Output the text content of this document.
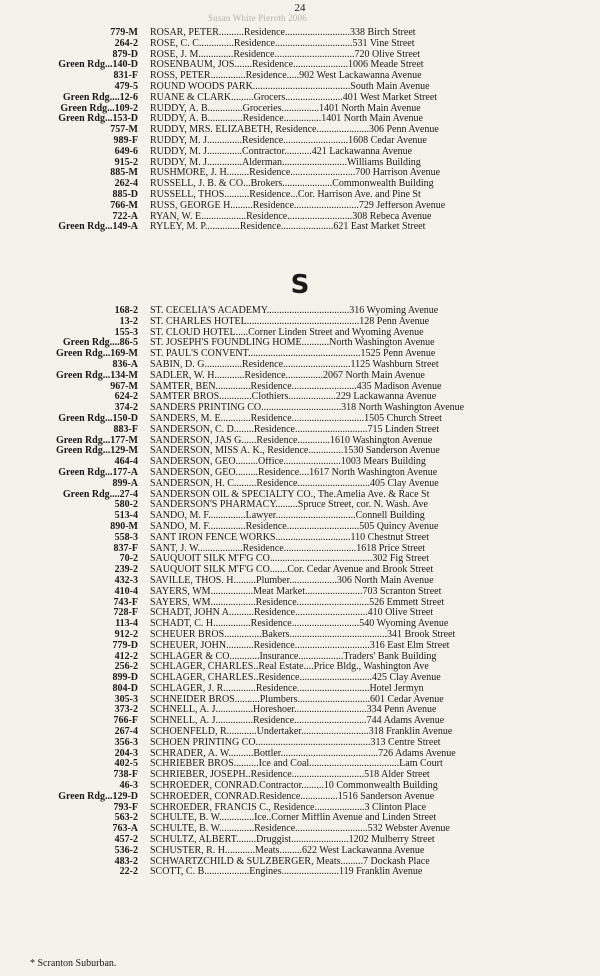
24
Susan White Pieroth 2006
779-M ROSAR, PETER..........Residence..........................338 Birch Street
264-2 ROSE, C. C..............Residence...............................531 Vine Street
879-D ROSE, J. M..............Residence................................720 Olive Street
Green Rdg...140-D ROSENBAUM, JOS.......Residence......................1006 Meade Street
831-F ROSS, PETER..............Residence.....902 West Lackawanna Avenue
479-5 ROUND WOODS PARK.......................................South Main Avenue
Green Rdg....12-6 RUANE & CLARK.........Grocers.......................401 West Market Street
Green Rdg...109-2 RUDDY, A. B..............Groceries...............1401 North Main Avenue
Green Rdg...153-D RUDDY, A. B..............Residence...............1401 North Main Avenue
757-M RUDDY, MRS. ELIZABETH, Residence.....................306 Penn Avenue
989-F RUDDY, M. J..............Residence..........................1608 Cedar Avenue
649-6 RUDDY, M. J..............Contractor...........421 Lackawanna Avenue
915-2 RUDDY, M. J..............Alderman..........................Williams Building
885-M RUSHMORE, J. H.........Residence..........................700 Harrison Avenue
262-4 RUSSELL, J. B. & CO...Brokers....................Commonwealth Building
885-D RUSSELL, THOS..........Residence...Cor. Harrison Ave. and Pine St
766-M RUSS, GEORGE H.........Residence..........................729 Jefferson Avenue
722-A RYAN, W. E..................Residence..........................308 Rebeca Avenue
Green Rdg...149-A RYLEY, M. P..............Residence.....................621 East Market Street
S
168-2 ST. CECELIA'S ACADEMY.................................316 Wyoming Avenue
13-2 ST. CHARLES HOTEL.............................................128 Penn Avenue
155-3 ST. CLOUD HOTEL.....Corner Linden Street and Wyoming Avenue
Green Rdg....86-5 ST. JOSEPH'S FOUNDLING HOME...........North Washington Avenue
Green Rdg...169-M ST. PAUL'S CONVENT.............................................1525 Penn Avenue
836-A SABIN, D. G...............Residence...........................1125 Washburn Street
Green Rdg...134-M SADLER, W. H............Residence...............2067 North Main Avenue
967-M SAMTER, BEN..............Residence..........................435 Madison Avenue
624-2 SAMTER BROS.............Clothiers...................229 Lackawanna Avenue
374-2 SANDERS PRINTING CO................................318 North Washington Avenue
Green Rdg...150-D SANDERS, M. E............Residence.............................1505 Church Street
883-F SANDERSON, C. D........Residence.............................715 Linden Street
Green Rdg...177-M SANDERSON, JAS G......Residence.............1610 Washington Avenue
Green Rdg...129-M SANDERSON, MISS A. K., Residence..............1530 Sanderson Avenue
464-4 SANDERSON, GEO.........Office.......................1003 Mears Building
Green Rdg...177-A SANDERSON, GEO.........Residence....1617 North Washington Avenue
899-A SANDERSON, H. C.........Residence.............................405 Clay Avenue
Green Rdg....27-4 SANDERSON OIL & SPECIALTY CO., The.Amelia Ave. & Race St
580-2 SANDERSON'S PHARMACY.........Spruce Street, cor. N. Wash. Ave
513-4 SANDO, M. F...............Lawyer................................Connell Building
890-M SANDO, M. F...............Residence.............................505 Quincy Avenue
558-3 SANT IRON FENCE WORKS..............................110 Chestnut Street
837-F SANT, J. W..................Residence.............................1618 Price Street
70-2 SAUQUOIT SILK M'F'G CO.........................................302 Fig Street
239-2 SAUQUOIT SILK M'F'G CO.......Cor. Cedar Avenue and Brook Street
432-3 SAVILLE, THOS. H.........Plumber...................306 North Main Avenue
410-4 SAYERS, WM.................Meat Market.......................703 Scranton Street
743-F SAYERS, WM..................Residence.............................526 Emmett Street
728-F SCHADT, JOHN A..........Residence.............................410 Olive Street
113-4 SCHADT, C. H...............Residence...........................540 Wyoming Avenue
912-2 SCHEUER BROS...............Bakers.......................................341 Brook Street
779-D SCHEUER, JOHN...........Residence..............................316 East Elm Street
412-2 SCHLAGER & CO............Insurance..................Traders' Bank Building
256-2 SCHLAGER, CHARLES..Real Estate....Price Bldg., Washington Ave
899-D SCHLAGER, CHARLES..Residence.............................425 Clay Avenue
804-D SCHLAGER, J. R.............Residence.............................Hotel Jermyn
305-3 SCHNEIDER BROS..........Plumbers.............................601 Cedar Avenue
373-2 SCHNELL, A. J...............Horeshoer.............................334 Penn Avenue
766-F SCHNELL, A. J...............Residence.............................744 Adams Avenue
267-4 SCHOENFELD, R............Undertaker...........................318 Franklin Avenue
356-3 SCHOEN PRINTING CO..............................................313 Centre Street
204-3 SCHRADER, A. W..........Bottler.......................................726 Adams Avenue
402-5 SCHRIEBER BROS..........Ice and Coal....................................Lam Court
738-F SCHRIEBER, JOSEPH..Residence.............................518 Alder Street
46-3 SCHROEDER, CONRAD.Contractor.........10 Commonwealth Building
Green Rdg...129-D SCHROEDER, CONRAD.Residence...............1516 Sanderson Avenue
793-F SCHROEDER, FRANCIS C., Residence....................3 Clinton Place
563-2 SCHULTE, B. W..............Ice..Corner Mifflin Avenue and Linden Street
763-A SCHULTE, B. W..............Residence.............................532 Webster Avenue
457-2 SCHULTZ, ALBERT........Druggist.......................1202 Mulberry Street
536-2 SCHUSTER, R. H............Meats.........622 West Lackawanna Avenue
483-2 SCHWARTZCHILD & SULZBERGER, Meats.........7 Dockash Place
22-2 SCOTT, C. B..................Engines.......................119 Franklin Avenue
* Scranton Suburban.
